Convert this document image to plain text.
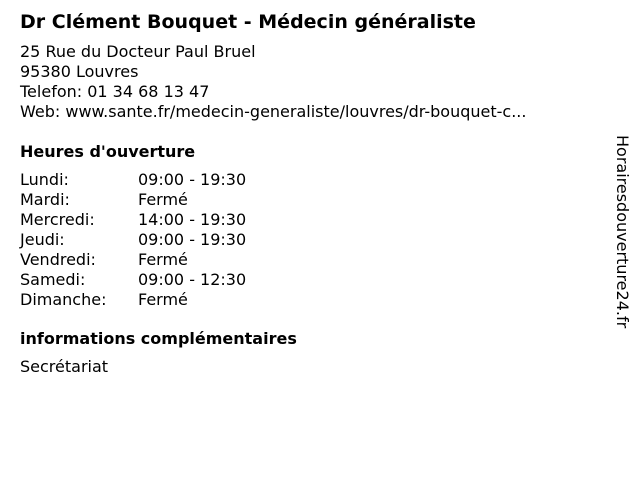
Dr Clément Bouquet - Médecin généraliste
25 Rue du Docteur Paul Bruel
95380 Louvres
Telefon: 01 34 68 13 47
Web: www.sante.fr/medecin-generaliste/louvres/dr-bouquet-c...
Heures d'ouverture
Lundi:	09:00 - 19:30
Mardi:	Fermé
Mercredi:	14:00 - 19:30
Jeudi:	09:00 - 19:30
Vendredi:	Fermé
Samedi:	09:00 - 12:30
Dimanche:	Fermé
informations complémentaires
Secrétariat
Horairesdouverture24.fr
